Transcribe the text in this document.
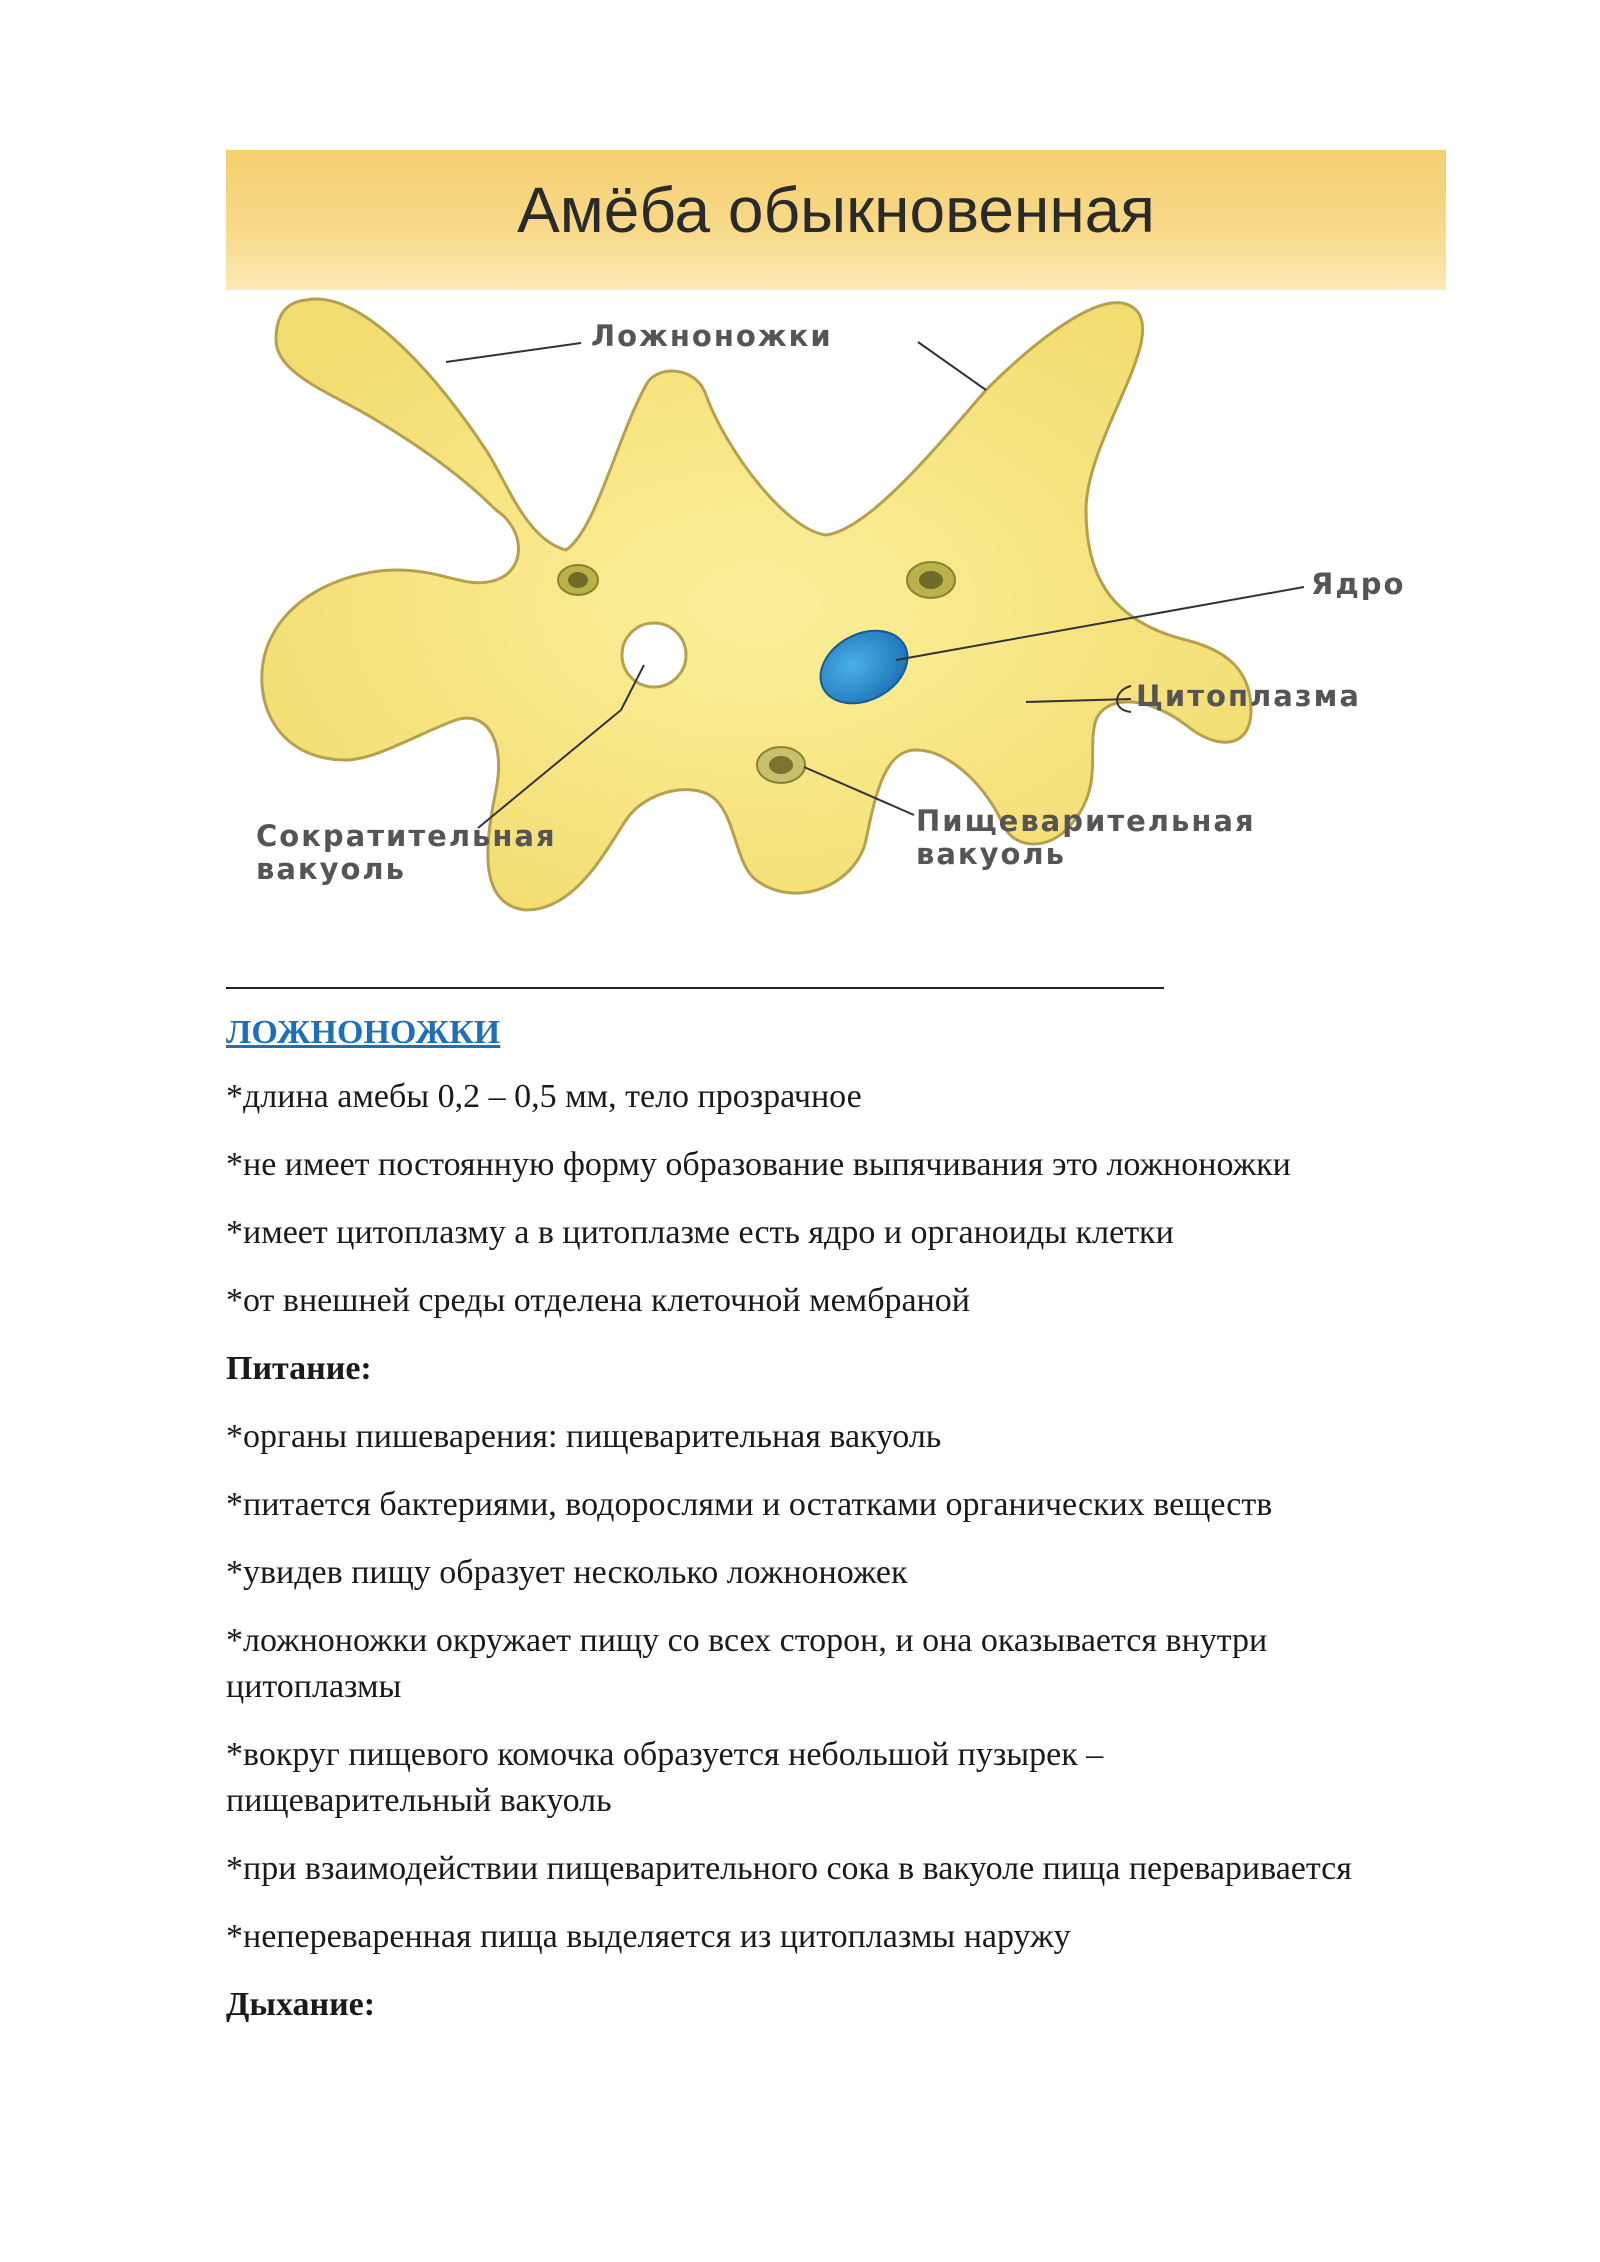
Амёба обыкновенная
Ложноножки
Ядро
Цитоплазма
Сократительная
вакуоль
Пищеварительная
вакуоль
ЛОЖНОНОЖКИ

*длина амебы 0,2 – 0,5 мм, тело прозрачное

*не имеет постоянную форму образование выпячивания это ложноножки

*имеет цитоплазму а в цитоплазме есть ядро и органоиды клетки

*от внешней среды отделена клеточной мембраной

Питание:

*органы пишеварения: пищеварительная вакуоль

*питается бактериями, водорослями и остатками органических веществ

*увидев пищу образует несколько ложноножек

*ложноножки окружает пищу со всех сторон, и она оказывается внутри цитоплазмы

*вокруг пищевого комочка образуется небольшой пузырек – пищеварительный вакуоль

*при взаимодействии пищеварительного сока в вакуоле пища переваривается

*непереваренная пища выделяется из цитоплазмы наружу

Дыхание:
